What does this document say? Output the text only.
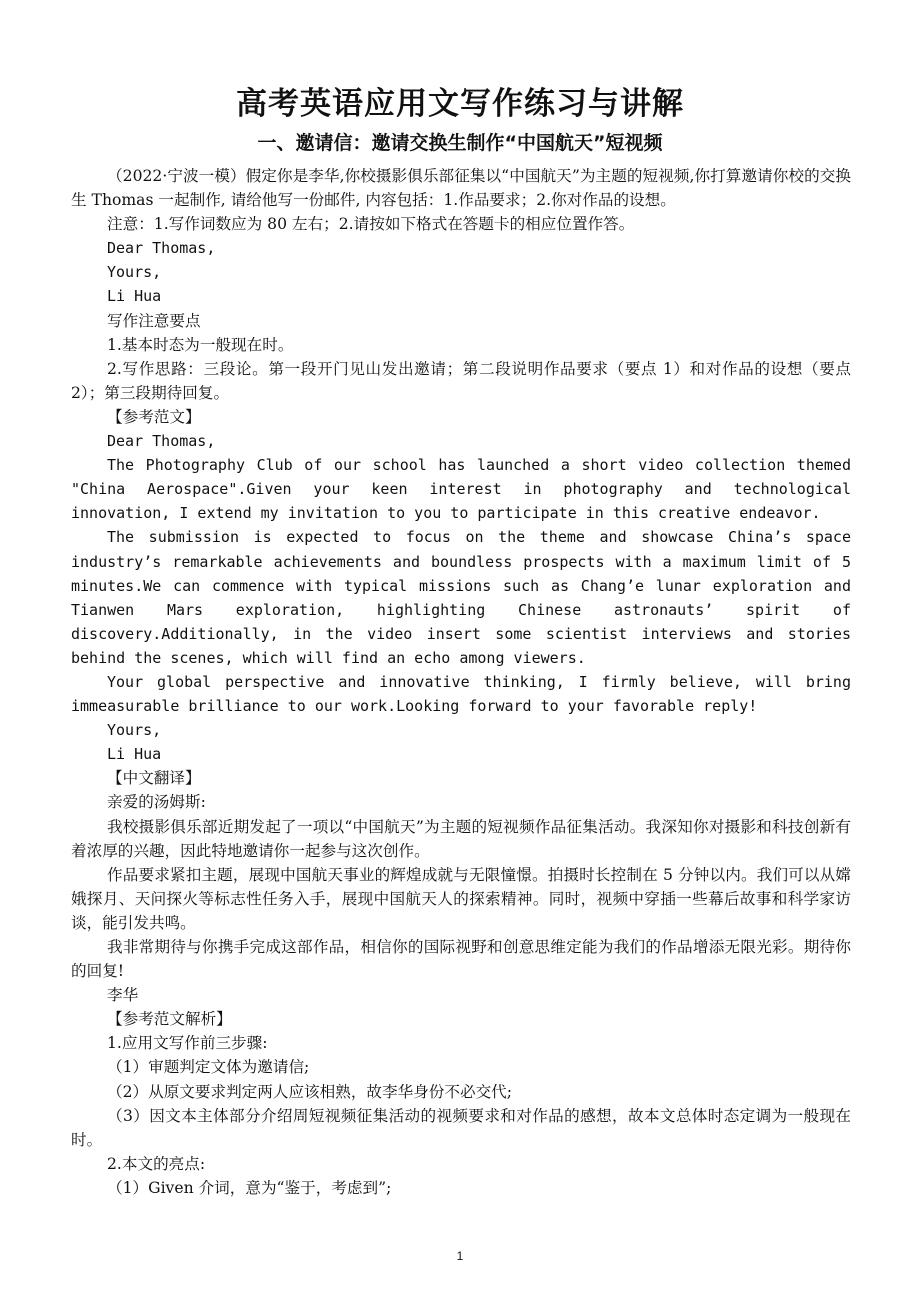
高考英语应用文写作练习与讲解
一、邀请信：邀请交换生制作“中国航天”短视频

（2022·宁波一模）假定你是李华,你校摄影俱乐部征集以“中国航天”为主题的短视频,你打算邀请你校的交换生 Thomas 一起制作, 请给他写一份邮件, 内容包括：1.作品要求；2.你对作品的设想。

注意：1.写作词数应为 80 左右；2.请按如下格式在答题卡的相应位置作答。

Dear Thomas,

Yours,

Li Hua

写作注意要点

1.基本时态为一般现在时。

2.写作思路：三段论。第一段开门见山发出邀请；第二段说明作品要求（要点 1）和对作品的设想（要点 2）；第三段期待回复。

【参考范文】

Dear Thomas,

The Photography Club of our school has launched a short video collection themed "China Aerospace".Given your keen interest in photography and technological innovation, I extend my invitation to you to participate in this creative endeavor.

The submission is expected to focus on the theme and showcase China’s space industry’s remarkable achievements and boundless prospects with a maximum limit of 5 minutes.We can commence with typical missions such as Chang’e lunar exploration and Tianwen Mars exploration, highlighting Chinese astronauts’ spirit of discovery.Additionally, in the video insert some scientist interviews and stories behind the scenes, which will find an echo among viewers.

Your global perspective and innovative thinking, I firmly believe, will bring immeasurable brilliance to our work.Looking forward to your favorable reply!

Yours,

Li Hua

【中文翻译】

亲爱的汤姆斯:

我校摄影俱乐部近期发起了一项以“中国航天”为主题的短视频作品征集活动。我深知你对摄影和科技创新有着浓厚的兴趣，因此特地邀请你一起参与这次创作。

作品要求紧扣主题，展现中国航天事业的辉煌成就与无限憧憬。拍摄时长控制在 5 分钟以内。我们可以从嫦娥探月、天问探火等标志性任务入手，展现中国航天人的探索精神。同时，视频中穿插一些幕后故事和科学家访谈，能引发共鸣。

我非常期待与你携手完成这部作品，相信你的国际视野和创意思维定能为我们的作品增添无限光彩。期待你的回复!

李华

【参考范文解析】

1.应用文写作前三步骤:

（1）审题判定文体为邀请信;

（2）从原文要求判定两人应该相熟，故李华身份不必交代;

（3）因文本主体部分介绍周短视频征集活动的视频要求和对作品的感想，故本文总体时态定调为一般现在时。

2.本文的亮点:

（1）Given 介词，意为“鉴于，考虑到”;

1
